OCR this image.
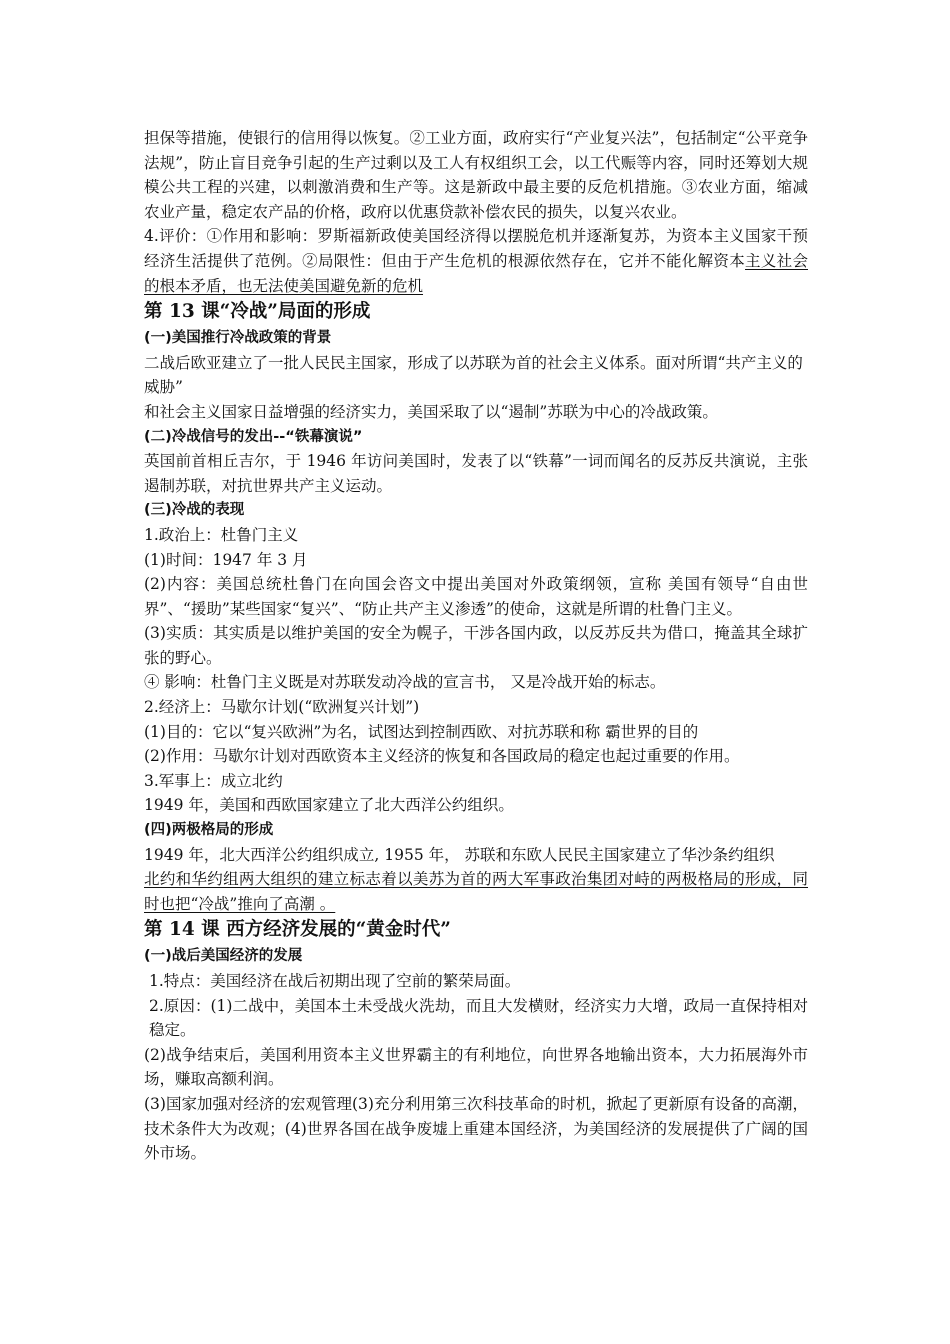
担保等措施，使银行的信用得以恢复。②工业方面，政府实行“产业复兴法”，包括制定“公平竞争法规”，防止盲目竞争引起的生产过剩以及工人有权组织工会，以工代赈等内容，同时还筹划大规模公共工程的兴建，以刺激消费和生产等。这是新政中最主要的反危机措施。③农业方面，缩减农业产量，稳定农产品的价格，政府以优惠贷款补偿农民的损失，以复兴农业。

4.评价：①作用和影响：罗斯福新政使美国经济得以摆脱危机并逐渐复苏，为资本主义国家干预经济生活提供了范例。②局限性：但由于产生危机的根源依然存在，它并不能化解资本主义社会的根本矛盾，也无法使美国避免新的危机

第 13 课“冷战”局面的形成

(一)美国推行冷战政策的背景

二战后欧亚建立了一批人民民主国家，形成了以苏联为首的社会主义体系。面对所谓“共产主义的威胁”

和社会主义国家日益增强的经济实力，美国采取了以“遏制”苏联为中心的冷战政策。

(二)冷战信号的发出--“铁幕演说”

英国前首相丘吉尔，于 1946 年访问美国时，发表了以“铁幕”一词而闻名的反苏反共演说，主张遏制苏联，对抗世界共产主义运动。

(三)冷战的表现

1.政治上：杜鲁门主义

(1)时间：1947 年 3 月

(2)内容：美国总统杜鲁门在向国会咨文中提出美国对外政策纲领，宣称 美国有领导“自由世界”、“援助”某些国家“复兴”、“防止共产主义渗透”的使命，这就是所谓的杜鲁门主义。

(3)实质：其实质是以维护美国的安全为幌子，干涉各国内政，以反苏反共为借口，掩盖其全球扩张的野心。

④ 影响：杜鲁门主义既是对苏联发动冷战的宣言书， 又是冷战开始的标志。

2.经济上：马歇尔计划(“欧洲复兴计划”)

(1)目的：它以“复兴欧洲”为名，试图达到控制西欧、对抗苏联和称 霸世界的目的

(2)作用：马歇尔计划对西欧资本主义经济的恢复和各国政局的稳定也起过重要的作用。

3.军事上：成立北约

1949 年，美国和西欧国家建立了北大西洋公约组织。

(四)两极格局的形成

1949 年，北大西洋公约组织成立, 1955 年， 苏联和东欧人民民主国家建立了华沙条约组织

北约和华约组两大组织的建立标志着以美苏为首的两大军事政治集团对峙的两极格局的形成，同时也把“冷战”推向了高潮 。

第 14 课 西方经济发展的“黄金时代”

(一)战后美国经济的发展

1.特点：美国经济在战后初期出现了空前的繁荣局面。

2.原因：(1)二战中，美国本土未受战火洗劫，而且大发横财，经济实力大增，政局一直保持相对稳定。

(2)战争结束后，美国利用资本主义世界霸主的有利地位，向世界各地输出资本，大力拓展海外市场，赚取高额利润。

(3)国家加强对经济的宏观管理(3)充分利用第三次科技革命的时机，掀起了更新原有设备的高潮，技术条件大为改观；(4)世界各国在战争废墟上重建本国经济，为美国经济的发展提供了广阔的国外市场。
